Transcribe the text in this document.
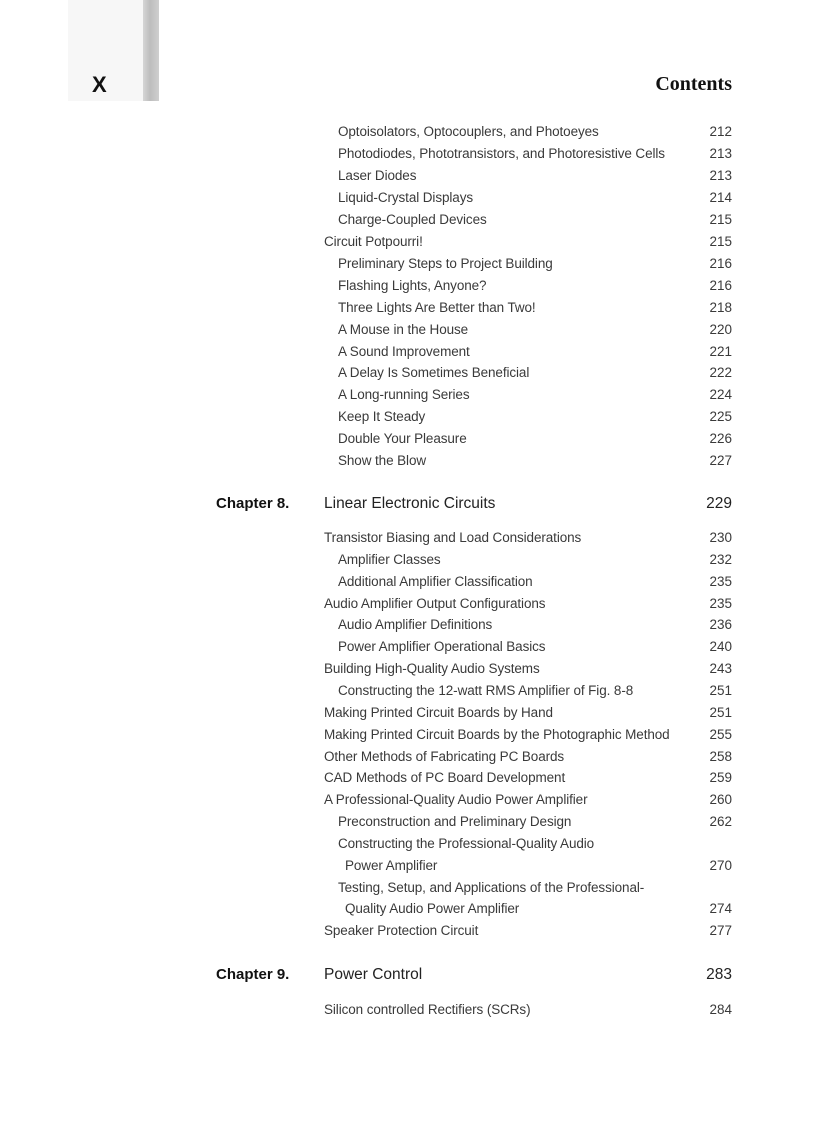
X	Contents
Optoisolators, Optocouplers, and Photoeyes	212
Photodiodes, Phototransistors, and Photoresistive Cells	213
Laser Diodes	213
Liquid-Crystal Displays	214
Charge-Coupled Devices	215
Circuit Potpourri!	215
Preliminary Steps to Project Building	216
Flashing Lights, Anyone?	216
Three Lights Are Better than Two!	218
A Mouse in the House	220
A Sound Improvement	221
A Delay Is Sometimes Beneficial	222
A Long-running Series	224
Keep It Steady	225
Double Your Pleasure	226
Show the Blow	227
Chapter 8. Linear Electronic Circuits	229
Transistor Biasing and Load Considerations	230
Amplifier Classes	232
Additional Amplifier Classification	235
Audio Amplifier Output Configurations	235
Audio Amplifier Definitions	236
Power Amplifier Operational Basics	240
Building High-Quality Audio Systems	243
Constructing the 12-watt RMS Amplifier of Fig. 8-8	251
Making Printed Circuit Boards by Hand	251
Making Printed Circuit Boards by the Photographic Method	255
Other Methods of Fabricating PC Boards	258
CAD Methods of PC Board Development	259
A Professional-Quality Audio Power Amplifier	260
Preconstruction and Preliminary Design	262
Constructing the Professional-Quality Audio
Power Amplifier	270
Testing, Setup, and Applications of the Professional-
Quality Audio Power Amplifier	274
Speaker Protection Circuit	277
Chapter 9. Power Control	283
Silicon controlled Rectifiers (SCRs)	284
